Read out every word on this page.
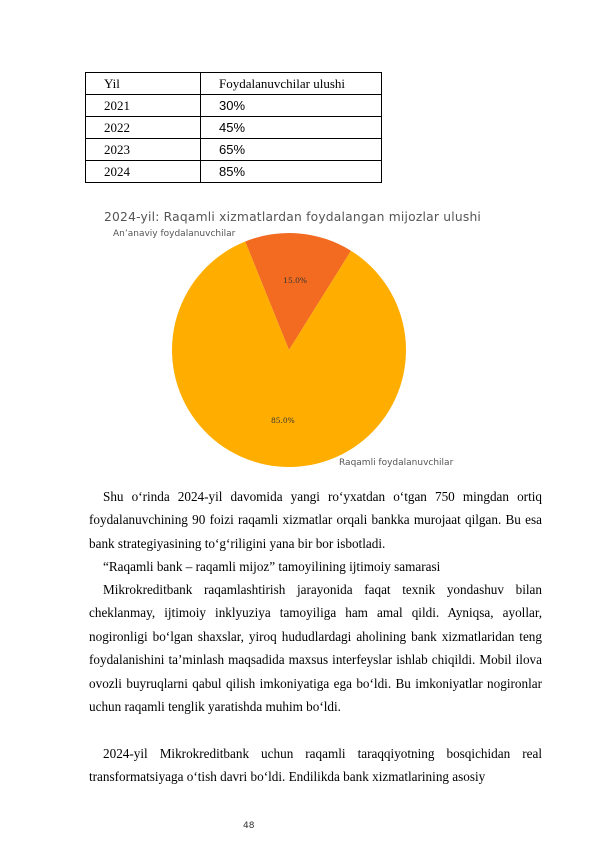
Yil	Foydalanuvchilar ulushi
2021	30%
2022	45%
2023	65%
2024	85%
2024-yil: Raqamli xizmatlardan foydalangan mijozlar ulushi
An’anaviy foydalanuvchilar
Raqamli foydalanuvchilar
15.0%
85.0%
Shu o‘rinda 2024-yil davomida yangi ro‘yxatdan o‘tgan 750 mingdan ortiq foydalanuvchining 90 foizi raqamli xizmatlar orqali bankka murojaat qilgan. Bu esa bank strategiyasining to‘g‘riligini yana bir bor isbotladi.
“Raqamli bank – raqamli mijoz” tamoyilining ijtimoiy samarasi
Mikrokreditbank raqamlashtirish jarayonida faqat texnik yondashuv bilan cheklanmay, ijtimoiy inklyuziya tamoyiliga ham amal qildi. Ayniqsa, ayollar, nogironligi bo‘lgan shaxslar, yiroq hududlardagi aholining bank xizmatlaridan teng foydalanishini ta’minlash maqsadida maxsus interfeyslar ishlab chiqildi. Mobil ilova ovozli buyruqlarni qabul qilish imkoniyatiga ega bo‘ldi. Bu imkoniyatlar nogironlar uchun raqamli tenglik yaratishda muhim bo‘ldi.
2024-yil Mikrokreditbank uchun raqamli taraqqiyotning bosqichidan real transformatsiyaga o‘tish davri bo‘ldi. Endilikda bank xizmatlarining asosiy
48
